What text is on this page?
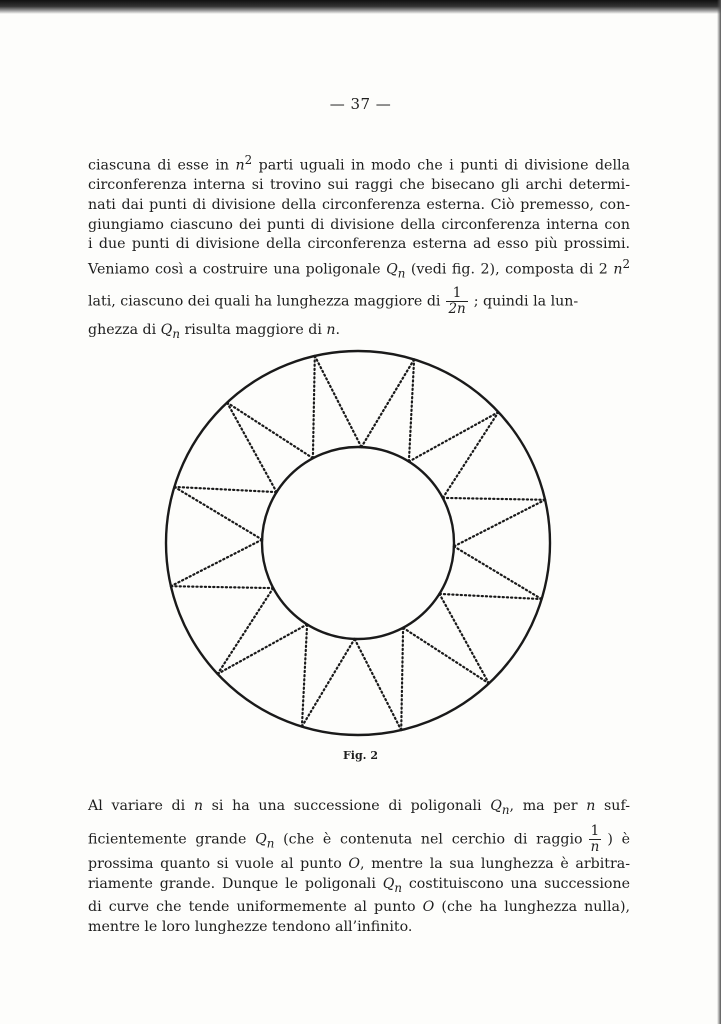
— 37 —
ciascuna di esse in $n^2$ parti uguali in modo che i punti di divisione della
circonferenza interna si trovino sui raggi che bisecano gli archi determi-
nati dai punti di divisione della circonferenza esterna. Ciò premesso, con-
giungiamo ciascuno dei punti di divisione della circonferenza interna con
i due punti di divisione della circonferenza esterna ad esso più prossimi.
Veniamo così a costruire una poligonale $Q_n$ (vedi fig. 2), composta di 2 $n^2$
lati, ciascuno dei quali ha lunghezza maggiore di $\frac{1}{2n}$ ; quindi la lun-
ghezza di $Q_n$ risulta maggiore di n.
Fig. 2
Al variare di n si ha una successione di poligonali $Q_n$, ma per n suf-
ficientemente grande $Q_n$ (che è contenuta nel cerchio di raggio $\frac{1}{n}$ ) è
prossima quanto si vuole al punto O, mentre la sua lunghezza è arbitra-
riamente grande. Dunque le poligonali $Q_n$ costituiscono una successione
di curve che tende uniformemente al punto O (che ha lunghezza nulla),
mentre le loro lunghezze tendono all’infinito.
